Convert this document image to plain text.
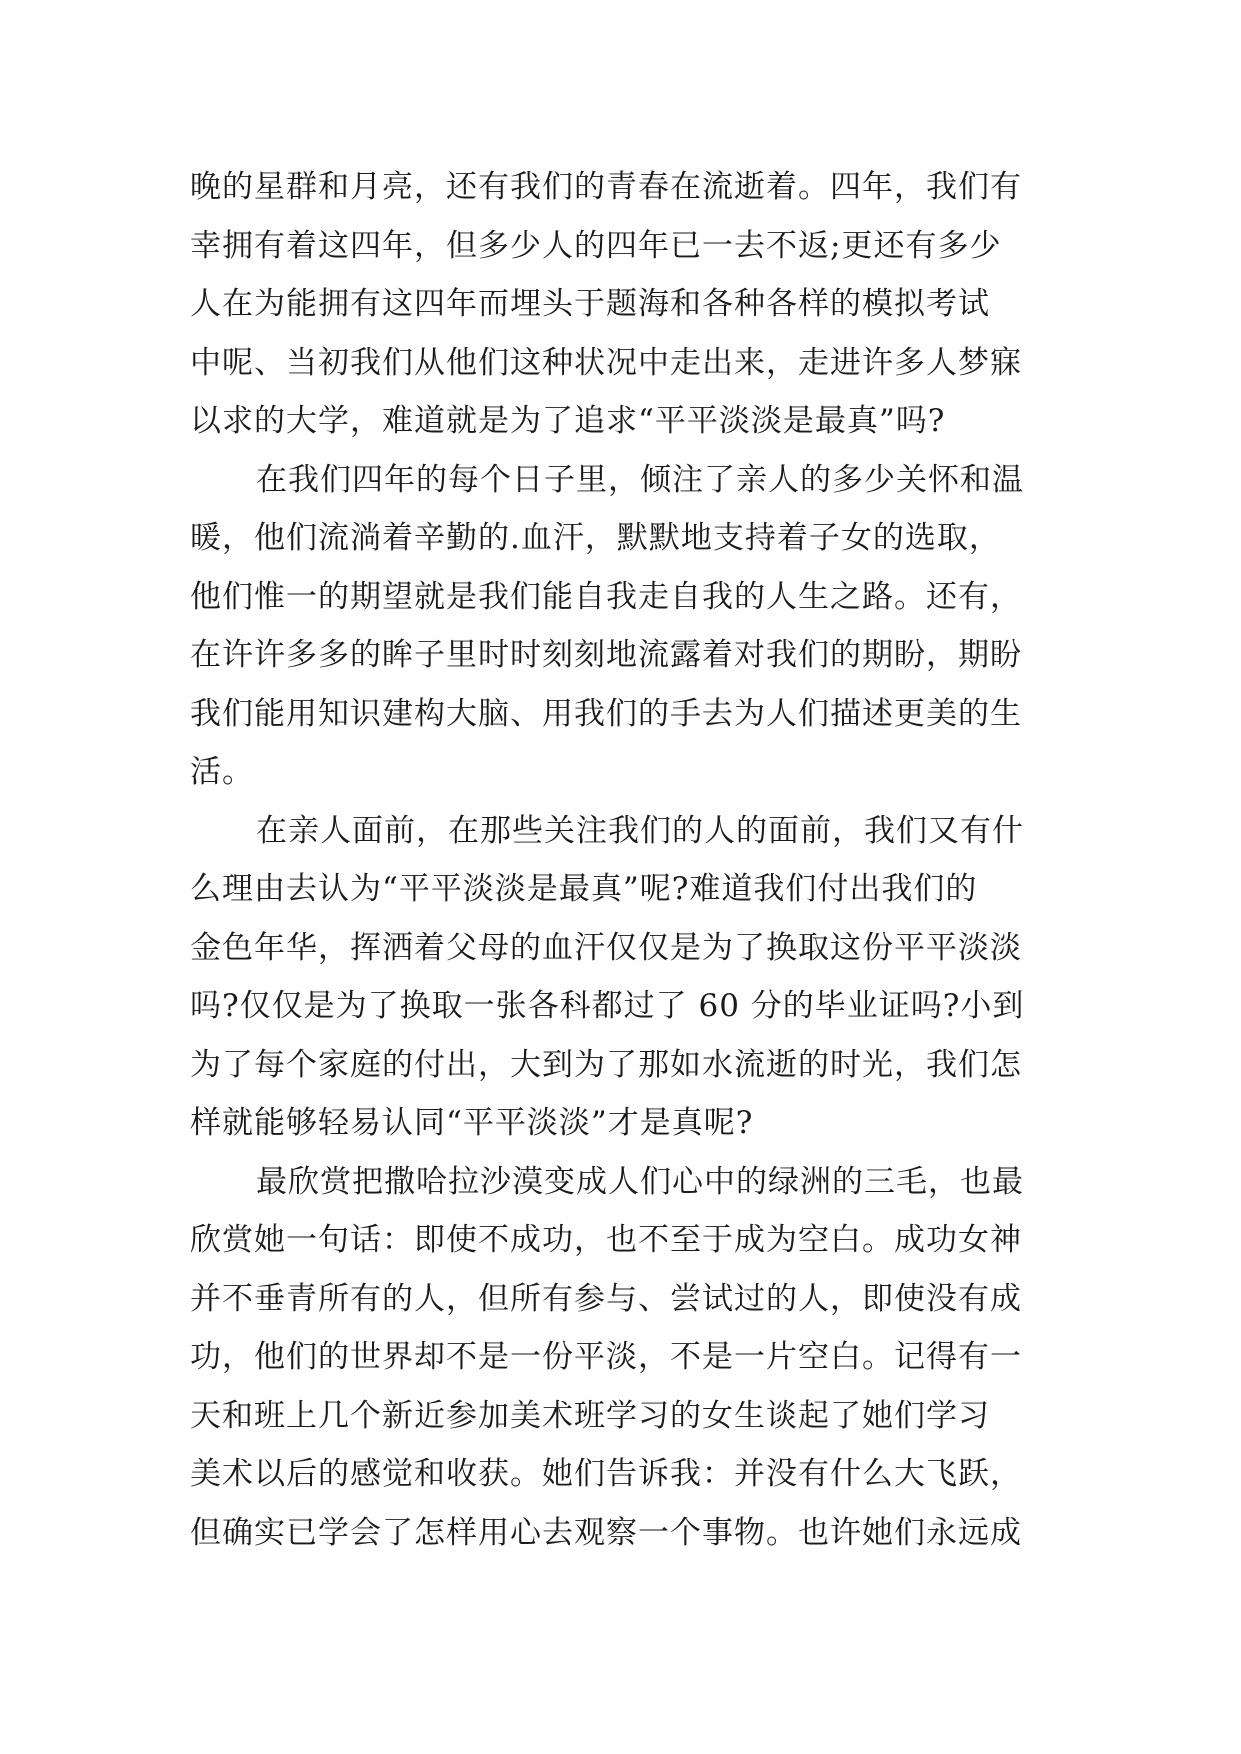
晚的星群和月亮，还有我们的青春在流逝着。四年，我们有
幸拥有着这四年，但多少人的四年已一去不返;更还有多少
人在为能拥有这四年而埋头于题海和各种各样的模拟考试
中呢、当初我们从他们这种状况中走出来，走进许多人梦寐
以求的大学，难道就是为了追求“平平淡淡是最真”吗?
在我们四年的每个日子里，倾注了亲人的多少关怀和温
暖，他们流淌着辛勤的.血汗，默默地支持着子女的选取，
他们惟一的期望就是我们能自我走自我的人生之路。还有，
在许许多多的眸子里时时刻刻地流露着对我们的期盼，期盼
我们能用知识建构大脑、用我们的手去为人们描述更美的生
活。
在亲人面前，在那些关注我们的人的面前，我们又有什
么理由去认为“平平淡淡是最真”呢?难道我们付出我们的
金色年华，挥洒着父母的血汗仅仅是为了换取这份平平淡淡
吗?仅仅是为了换取一张各科都过了 60 分的毕业证吗?小到
为了每个家庭的付出，大到为了那如水流逝的时光，我们怎
样就能够轻易认同“平平淡淡”才是真呢?
最欣赏把撒哈拉沙漠变成人们心中的绿洲的三毛，也最
欣赏她一句话：即使不成功，也不至于成为空白。成功女神
并不垂青所有的人，但所有参与、尝试过的人，即使没有成
功，他们的世界却不是一份平淡，不是一片空白。记得有一
天和班上几个新近参加美术班学习的女生谈起了她们学习
美术以后的感觉和收获。她们告诉我：并没有什么大飞跃，
但确实已学会了怎样用心去观察一个事物。也许她们永远成
